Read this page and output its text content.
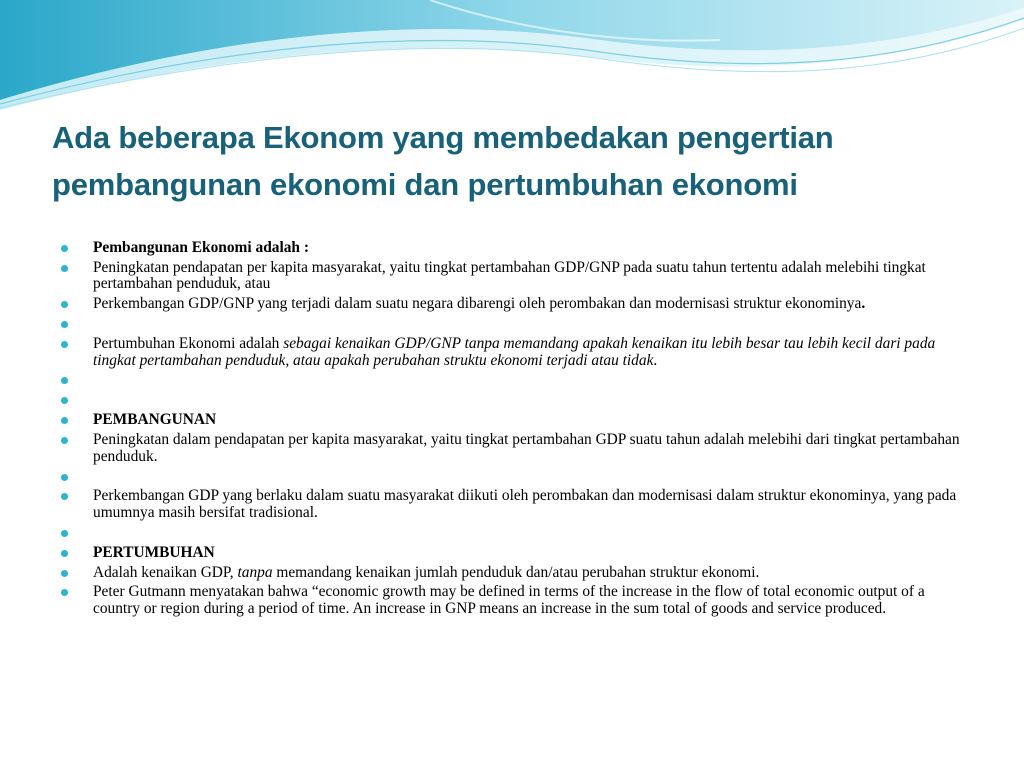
Ada beberapa Ekonom yang membedakan pengertian
pembangunan ekonomi dan pertumbuhan ekonomi
Pembangunan Ekonomi adalah :
Peningkatan pendapatan per kapita masyarakat, yaitu tingkat pertambahan GDP/GNP pada suatu tahun tertentu adalah melebihi tingkat pertambahan penduduk, atau
Perkembangan GDP/GNP yang terjadi dalam suatu negara dibarengi oleh perombakan dan modernisasi struktur ekonominya.
Pertumbuhan Ekonomi adalah sebagai kenaikan GDP/GNP tanpa memandang apakah kenaikan itu lebih besar tau lebih kecil dari pada tingkat pertambahan penduduk, atau apakah perubahan struktu ekonomi terjadi atau tidak.
PEMBANGUNAN
Peningkatan dalam pendapatan per kapita masyarakat, yaitu tingkat pertambahan GDP suatu tahun adalah melebihi dari tingkat pertambahan penduduk.
Perkembangan GDP yang berlaku dalam suatu masyarakat diikuti oleh perombakan dan modernisasi dalam struktur ekonominya, yang pada umumnya masih bersifat tradisional.
PERTUMBUHAN
Adalah kenaikan GDP, tanpa memandang kenaikan jumlah penduduk dan/atau perubahan struktur ekonomi.
Peter Gutmann menyatakan bahwa “economic growth may be defined in terms of the increase in the flow of total economic output of a country or region during a period of time. An increase in GNP means an increase in the sum total of goods and service produced.
